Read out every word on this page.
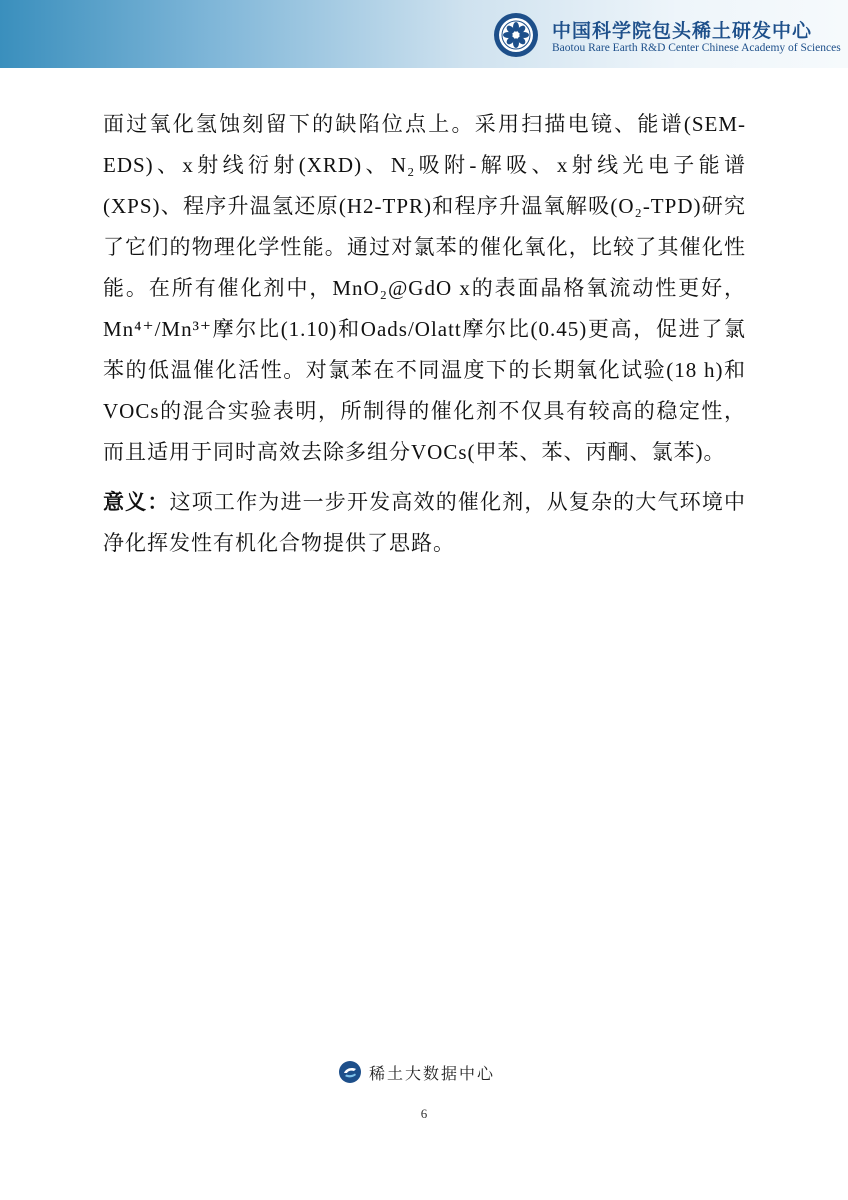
中国科学院包头稀土研发中心
Baotou Rare Earth R&D Center Chinese Academy of Sciences

面过氧化氢蚀刻留下的缺陷位点上。采用扫描电镜、能谱(SEM-EDS)、x射线衍射(XRD)、N₂吸附-解吸、x射线光电子能谱(XPS)、程序升温氢还原(H2-TPR)和程序升温氧解吸(O₂-TPD)研究了它们的物理化学性能。通过对氯苯的催化氧化，比较了其催化性能。在所有催化剂中，MnO₂@GdO x的表面晶格氧流动性更好，Mn⁴⁺/Mn³⁺摩尔比(1.10)和Oads/Olatt摩尔比(0.45)更高，促进了氯苯的低温催化活性。对氯苯在不同温度下的长期氧化试验(18 h)和VOCs的混合实验表明，所制得的催化剂不仅具有较高的稳定性，而且适用于同时高效去除多组分VOCs(甲苯、苯、丙酮、氯苯)。

意义：这项工作为进一步开发高效的催化剂，从复杂的大气环境中净化挥发性有机化合物提供了思路。

稀土大数据中心
6
